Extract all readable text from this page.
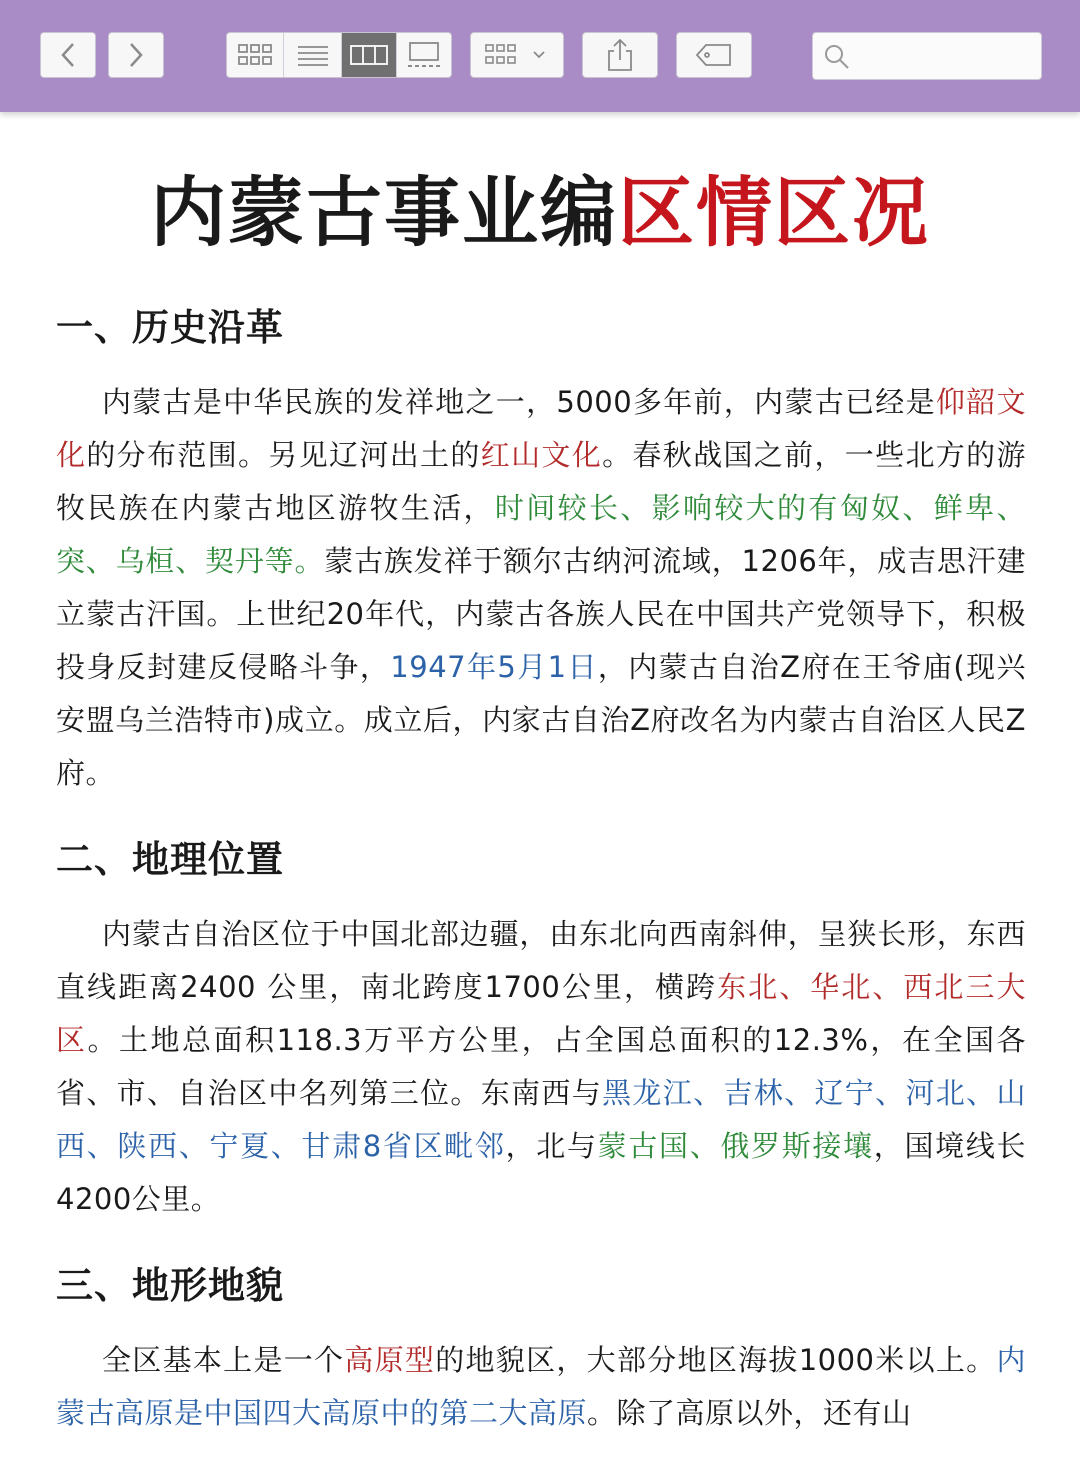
内蒙古事业编区情区况
一、历史沿革

内蒙古是中华民族的发祥地之一，5000多年前，内蒙古已经是仰韶文化的分布范围。另见辽河出土的红山文化。春秋战国之前，一些北方的游牧民族在内蒙古地区游牧生活，时间较长、影响较大的有匈奴、鲜卑、突、乌桓、契丹等。蒙古族发祥于额尔古纳河流域，1206年，成吉思汗建立蒙古汗国。上世纪20年代，内蒙古各族人民在中国共产党领导下，积极投身反封建反侵略斗争，1947年5月1日，内蒙古自治Z府在王爷庙(现兴安盟乌兰浩特市)成立。成立后，内家古自治Z府改名为内蒙古自治区人民Z府。

二、地理位置

内蒙古自治区位于中国北部边疆，由东北向西南斜伸，呈狭长形，东西直线距离2400 公里，南北跨度1700公里，横跨东北、华北、西北三大区。土地总面积118.3万平方公里，占全国总面积的12.3%，在全国各省、市、自治区中名列第三位。东南西与黑龙江、吉林、辽宁、河北、山西、陕西、宁夏、甘肃8省区毗邻，北与蒙古国、俄罗斯接壤，国境线长 4200公里。

三、地形地貌

全区基本上是一个高原型的地貌区，大部分地区海拔1000米以上。内蒙古高原是中国四大高原中的第二大高原。除了高原以外，还有山
